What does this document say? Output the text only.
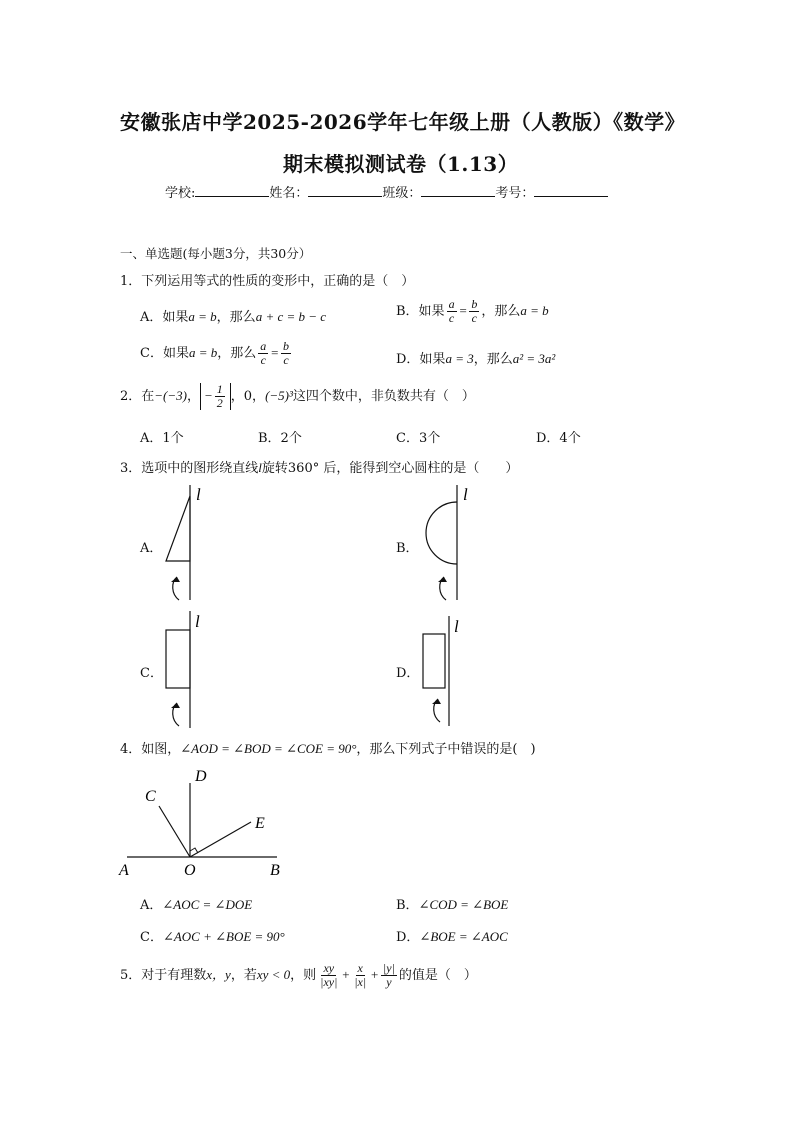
安徽张店中学2025-2026学年七年级上册（人教版）《数学》
期末模拟测试卷（1.13）
学校:	姓名：	班级：	考号：
一、单选题(每小题3分，共30分）
1．下列运用等式的性质的变形中，正确的是（　）
A．如果a = b，那么a + c = b − c	B．如果 $\frac{a}{c} = \frac{b}{c}$ ，那么a = b
C．如果a = b，那么 $\frac{a}{c} = \frac{b}{c}$	D．如果a = 3，那么a² = 3a²
2．在−(−3)， − $\frac{1}{2}$ ，0，(−5)³这四个数中，非负数共有（　）
A．1个	B．2个	C．3个	D．4个
3．选项中的图形绕直线l旋转360° 后，能得到空心圆柱的是（　　）
A．
l
B．
l
C．
l
D．
l
4．如图，∠AOD = ∠BOD = ∠COE = 90°，那么下列式子中错误的是(　)
D
C
E
A	O	B
A．∠AOC = ∠DOE	B．∠COD = ∠BOE
C．∠AOC + ∠BOE = 90°	D．∠BOE = ∠AOC
5．对于有理数x，y，若xy < 0，则 $\frac{xy}{|xy|} + \frac{x}{|x|} + \frac{|y|}{y}$ 的值是（　）
